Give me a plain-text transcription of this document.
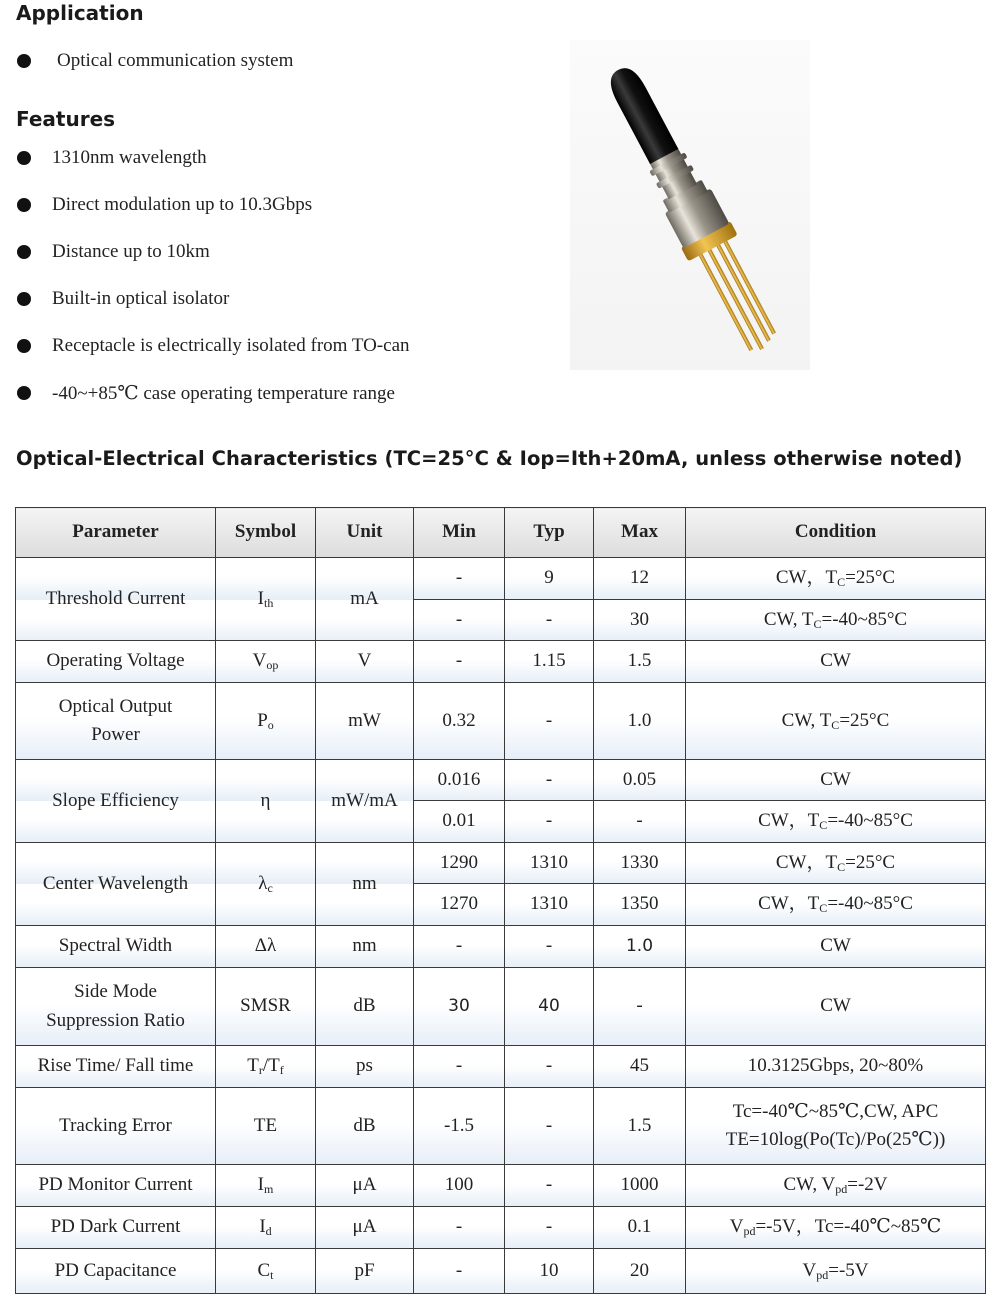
Application
Optical communication system
Features
1310nm wavelength
Direct modulation up to 10.3Gbps
Distance up to 10km
Built-in optical isolator
Receptacle is electrically isolated from TO-can
-40~+85℃ case operating temperature range
Optical-Electrical Characteristics (TC=25°C & Iop=Ith+20mA, unless otherwise noted)
Parameter	Symbol	Unit	Min	Typ	Max	Condition
Threshold Current	$I_{th}$	mA	-	9	12	CW，$T_C=25^\circ C$
			-	-	30	CW, $T_C=-40\sim 85^\circ C$
Operating Voltage	$V_{op}$	V	-	1.15	1.5	CW
Optical Output
Power	$P_o$	mW	0.32	-	1.0	CW, $T_C=25^\circ C$
Slope Efficiency	η	mW/mA	0.016	-	0.05	CW
			0.01	-	-	CW，$T_C=-40\sim 85^\circ C$
Center Wavelength	$\lambda_c$	nm	1290	1310	1330	CW，$T_C=25^\circ C$
			1270	1310	1350	CW，$T_C=-40\sim 85^\circ C$
Spectral Width	Δλ	nm	-	-	1.0	CW
Side Mode
Suppression Ratio	SMSR	dB	30	40	-	CW
Rise Time/ Fall time	$T_r/T_f$	ps	-	-	45	10.3125Gbps, 20~80%
Tracking Error	TE	dB	-1.5	-	1.5	Tc=-40℃~85℃,CW, APC
TE=10log(Po(Tc)/Po(25℃))
PD Monitor Current	$I_m$	μA	100	-	1000	CW, $V_{pd}=-2V$
PD Dark Current	$I_d$	μA	-	-	0.1	$V_{pd}=-5V$，Tc=-40℃~85℃
PD Capacitance	$C_t$	pF	-	10	20	$V_{pd}=-5V$
